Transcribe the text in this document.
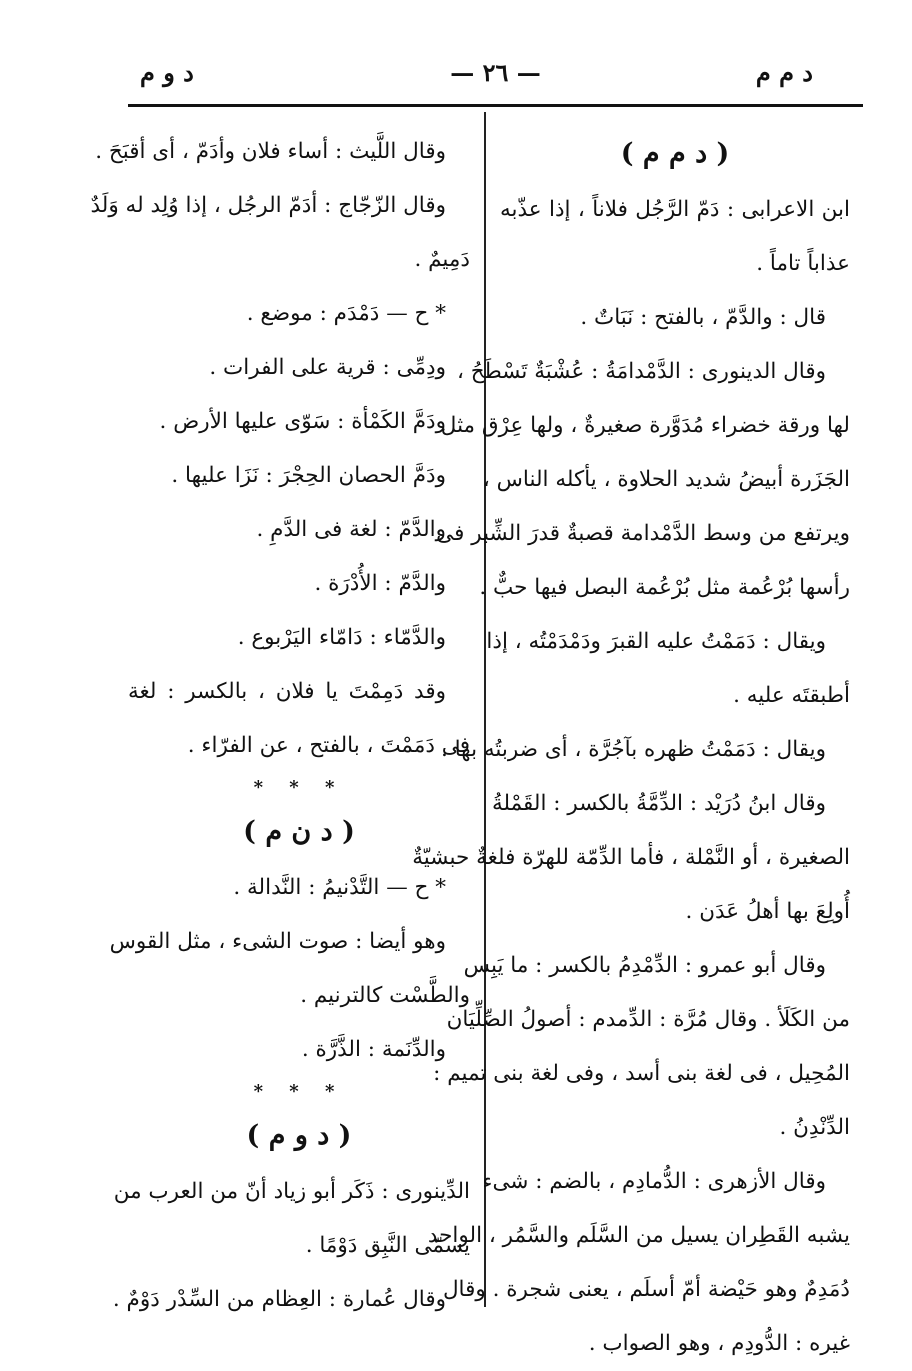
د م م
— ٢٦ —
د و م
( د م م )
ابن الاعرابى : دَمّ الرَّجُل فلاناً ، إذا عذّبه
عذاباً تاماً .
قال : والدَّمّ ، بالفتح : نَبَاتٌ .
وقال الدينورى : الدَّمْدامَةُ : عُشْبَةٌ تَسْطَحُ ،
لها ورقة خضراء مُدَوَّرة صغيرةٌ ، ولها عِرْق مثل
الجَزَرة أبيضُ شديد الحلاوة ، يأكله الناس ،
ويرتفع من وسط الدَّمْدامة قصبةٌ قدرَ الشِّبر فى
رأسها بُرْعُمة مثل بُرْعُمة البصل فيها حبٌّ .
ويقال : دَمَمْتُ عليه القبرَ ودَمْدَمْتُه ، إذا
أطبقتَه عليه .
ويقال : دَمَمْتُ ظهره بآجُرَّة ، أى ضربتُه بها .
وقال ابنُ دُرَيْد : الدِّمَّةُ بالكسر : القَمْلةُ
الصغيرة ، أو النَّمْلة ، فأما الدِّمّة للهرّة فلغةٌ حبشيّةٌ
أُولِعَ بها أهلُ عَدَن .
وقال أبو عمرو : الدِّمْدِمُ بالكسر : ما يَبِس
من الكَلَأ . وقال مُرَّة : الدِّمدم : أصولُ الصِّلِّيَان
المُحِيل ، فى لغة بنى أسد ، وفى لغة بنى تميم :
الدِّنْدِنُ .
وقال الأزهرى : الدُّمادِم ، بالضم : شىء
يشبه القَطِران يسيل من السَّلَم والسَّمُر ، الواحد
دُمَدِمٌ وهو حَيْضة أمّ أسلَم ، يعنى شجرة . وقال
غيره : الدُّودِم ، وهو الصواب .
وقال اللَّيث : أساء فلان وأدَمّ ، أى أقبَحَ .
وقال الزّجّاج : أدَمّ الرجُل ، إذا وُلِد له وَلَدٌ
دَمِيمٌ .
* ح — دَمْدَم : موضع .
ودِمِّى : قرية على الفرات .
ودَمَّ الكَمْأة : سَوّى عليها الأرض .
ودَمَّ الحصان الحِجْرَ : نَزَا عليها .
والدَّمّ : لغة فى الدَّمِ .
والدَّمّ : الأُدْرَة .
والدَّمّاء : دَامّاء اليَرْبوع .
وقد دَمِمْتَ يا فلان ، بالكسر : لغة
فى دَمَمْتَ ، بالفتح ، عن الفرّاء .
* * *
( د ن م )
* ح — التَّدْنيمُ : النَّدالة .
وهو أيضا : صوت الشىء ، مثل القوس
والطَّسْت كالترنيم .
والدِّنَمة : الذَّرَّة .
* * *
( د و م )
الدِّينورى : ذَكَر أبو زياد أنّ من العرب من
يسمّى النَّبِق دَوْمًا .
وقال عُمارة : العِظام من السِّدْر دَوْمٌ .
